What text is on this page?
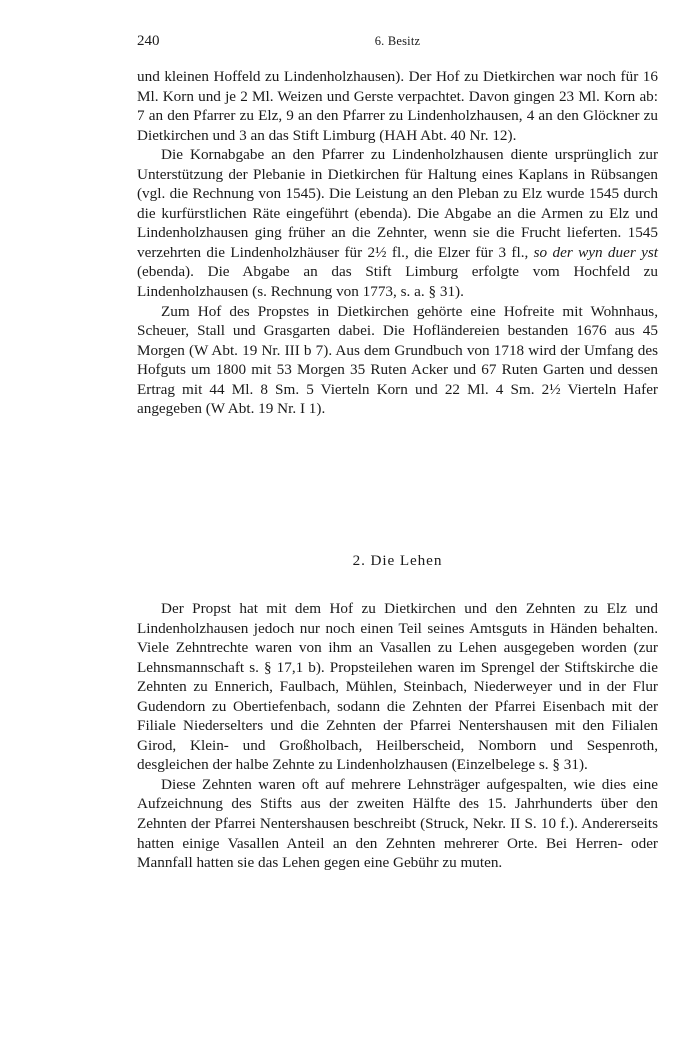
240	6. Besitz

und kleinen Hoffeld zu Lindenholzhausen). Der Hof zu Dietkirchen war noch für 16 Ml. Korn und je 2 Ml. Weizen und Gerste verpachtet. Davon gingen 23 Ml. Korn ab: 7 an den Pfarrer zu Elz, 9 an den Pfarrer zu Lindenholzhausen, 4 an den Glöckner zu Dietkirchen und 3 an das Stift Limburg (HAH Abt. 40 Nr. 12).

Die Kornabgabe an den Pfarrer zu Lindenholzhausen diente ursprünglich zur Unterstützung der Plebanie in Dietkirchen für Haltung eines Kaplans in Rübsangen (vgl. die Rechnung von 1545). Die Leistung an den Pleban zu Elz wurde 1545 durch die kurfürstlichen Räte eingeführt (ebenda). Die Abgabe an die Armen zu Elz und Lindenholzhausen ging früher an die Zehnter, wenn sie die Frucht lieferten. 1545 verzehrten die Lindenholzhäuser für 2½ fl., die Elzer für 3 fl., so der wyn duer yst (ebenda). Die Abgabe an das Stift Limburg erfolgte vom Hochfeld zu Lindenholzhausen (s. Rechnung von 1773, s. a. § 31).

Zum Hof des Propstes in Dietkirchen gehörte eine Hofreite mit Wohnhaus, Scheuer, Stall und Grasgarten dabei. Die Hofländereien bestanden 1676 aus 45 Morgen (W Abt. 19 Nr. III b 7). Aus dem Grundbuch von 1718 wird der Umfang des Hofguts um 1800 mit 53 Morgen 35 Ruten Acker und 67 Ruten Garten und dessen Ertrag mit 44 Ml. 8 Sm. 5 Vierteln Korn und 22 Ml. 4 Sm. 2½ Vierteln Hafer angegeben (W Abt. 19 Nr. I 1).

2. Die Lehen

Der Propst hat mit dem Hof zu Dietkirchen und den Zehnten zu Elz und Lindenholzhausen jedoch nur noch einen Teil seines Amtsguts in Händen behalten. Viele Zehntrechte waren von ihm an Vasallen zu Lehen ausgegeben worden (zur Lehnsmannschaft s. § 17,1 b). Propsteilehen waren im Sprengel der Stiftskirche die Zehnten zu Ennerich, Faulbach, Mühlen, Steinbach, Niederweyer und in der Flur Gudendorn zu Obertiefenbach, sodann die Zehnten der Pfarrei Eisenbach mit der Filiale Niederselters und die Zehnten der Pfarrei Nentershausen mit den Filialen Girod, Klein- und Großholbach, Heilberscheid, Nomborn und Sespenroth, desgleichen der halbe Zehnte zu Lindenholzhausen (Einzelbelege s. § 31).

Diese Zehnten waren oft auf mehrere Lehnsträger aufgespalten, wie dies eine Aufzeichnung des Stifts aus der zweiten Hälfte des 15. Jahrhunderts über den Zehnten der Pfarrei Nentershausen beschreibt (Struck, Nekr. II S. 10 f.). Andererseits hatten einige Vasallen Anteil an den Zehnten mehrerer Orte. Bei Herren- oder Mannfall hatten sie das Lehen gegen eine Gebühr zu muten.
